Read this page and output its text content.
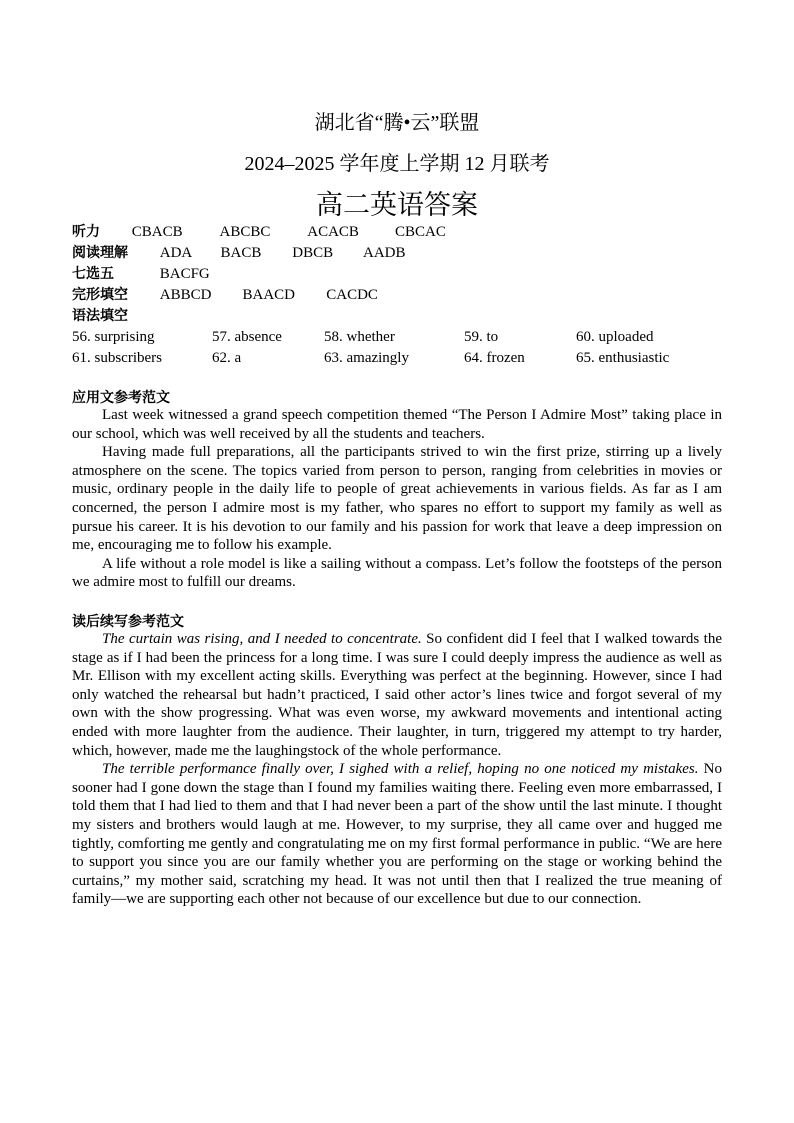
湖北省“腾•云”联盟
2024–2025 学年度上学期 12 月联考
高二英语答案
听力 CBACB ABCBC ACACB CBCAC
阅读理解 ADA BACB DBCB AADB
七选五	BACFG
完形填空 ABBCD BAACD CACDC
语法填空
56. surprising	57. absence	58. whether	59. to	60. uploaded
61. subscribers	62. a	63. amazingly	64. frozen	65. enthusiastic
应用文参考范文

Last week witnessed a grand speech competition themed “The Person I Admire Most” taking place in our school, which was well received by all the students and teachers.

Having made full preparations, all the participants strived to win the first prize, stirring up a lively atmosphere on the scene. The topics varied from person to person, ranging from celebrities in movies or music, ordinary people in the daily life to people of great achievements in various fields. As far as I am concerned, the person I admire most is my father, who spares no effort to support my family as well as pursue his career. It is his devotion to our family and his passion for work that leave a deep impression on me, encouraging me to follow his example.

A life without a role model is like a sailing without a compass. Let’s follow the footsteps of the person we admire most to fulfill our dreams.

读后续写参考范文

The curtain was rising, and I needed to concentrate. So confident did I feel that I walked towards the stage as if I had been the princess for a long time. I was sure I could deeply impress the audience as well as Mr. Ellison with my excellent acting skills. Everything was perfect at the beginning. However, since I had only watched the rehearsal but hadn’t practiced, I said other actor’s lines twice and forgot several of my own with the show progressing. What was even worse, my awkward movements and intentional acting ended with more laughter from the audience. Their laughter, in turn, triggered my attempt to try harder, which, however, made me the laughingstock of the whole performance.

The terrible performance finally over, I sighed with a relief, hoping no one noticed my mistakes. No sooner had I gone down the stage than I found my families waiting there. Feeling even more embarrassed, I told them that I had lied to them and that I had never been a part of the show until the last minute. I thought my sisters and brothers would laugh at me. However, to my surprise, they all came over and hugged me tightly, comforting me gently and congratulating me on my first formal performance in public. “We are here to support you since you are our family whether you are performing on the stage or working behind the curtains,” my mother said, scratching my head. It was not until then that I realized the true meaning of family—we are supporting each other not because of our excellence but due to our connection.
